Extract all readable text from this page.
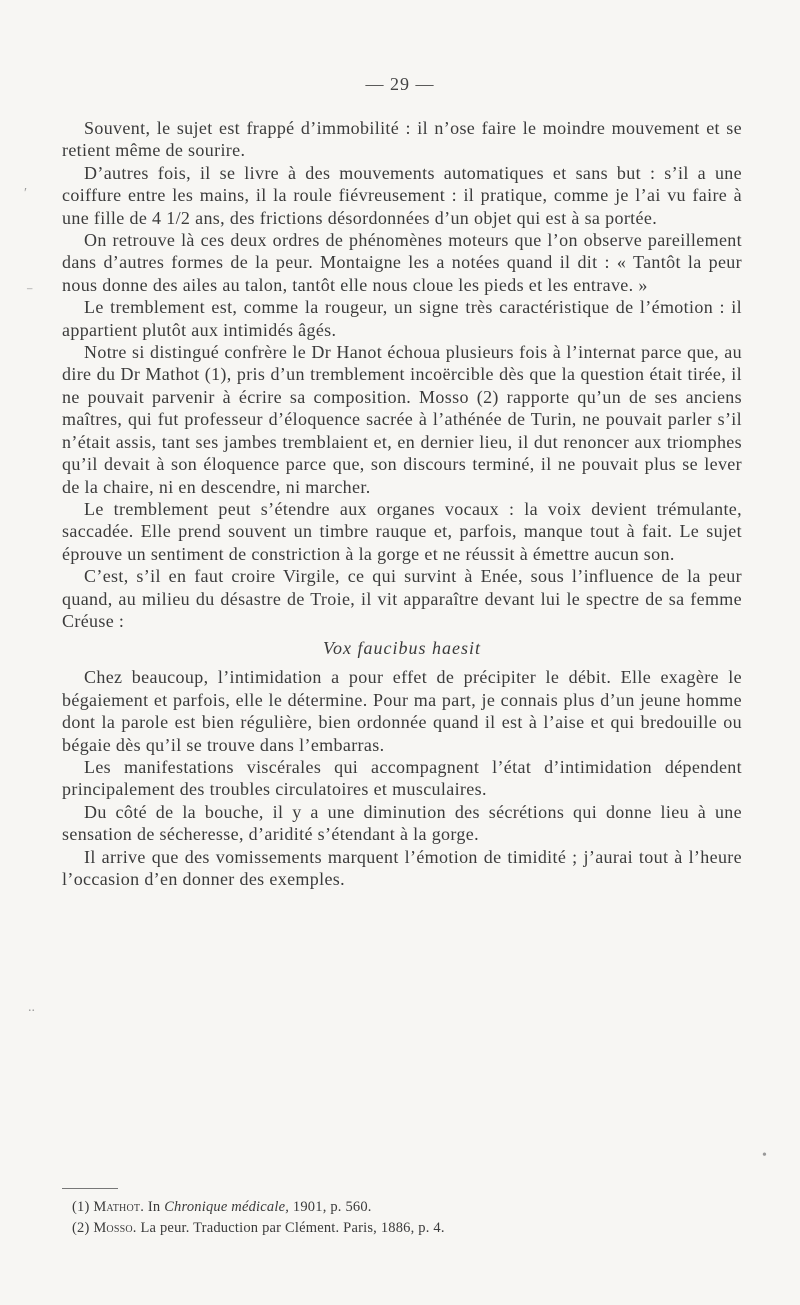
— 29 —

Souvent, le sujet est frappé d’immobilité : il n’ose faire le moindre mouvement et se retient même de sourire.

D’autres fois, il se livre à des mouvements automatiques et sans but : s’il a une coiffure entre les mains, il la roule fiévreusement : il pratique, comme je l’ai vu faire à une fille de 4 1/2 ans, des frictions désordonnées d’un objet qui est à sa portée.

On retrouve là ces deux ordres de phénomènes moteurs que l’on observe pareillement dans d’autres formes de la peur. Montaigne les a notées quand il dit : « Tantôt la peur nous donne des ailes au talon, tantôt elle nous cloue les pieds et les entrave. »

Le tremblement est, comme la rougeur, un signe très caractéristique de l’émotion : il appartient plutôt aux intimidés âgés.

Notre si distingué confrère le Dr Hanot échoua plusieurs fois à l’internat parce que, au dire du Dr Mathot (1), pris d’un tremblement incoërcible dès que la question était tirée, il ne pouvait parvenir à écrire sa composition. Mosso (2) rapporte qu’un de ses anciens maîtres, qui fut professeur d’éloquence sacrée à l’athénée de Turin, ne pouvait parler s’il n’était assis, tant ses jambes tremblaient et, en dernier lieu, il dut renoncer aux triomphes qu’il devait à son éloquence parce que, son discours terminé, il ne pouvait plus se lever de la chaire, ni en descendre, ni marcher.

Le tremblement peut s’étendre aux organes vocaux : la voix devient trémulante, saccadée. Elle prend souvent un timbre rauque et, parfois, manque tout à fait. Le sujet éprouve un sentiment de constriction à la gorge et ne réussit à émettre aucun son.

C’est, s’il en faut croire Virgile, ce qui survint à Enée, sous l’influence de la peur quand, au milieu du désastre de Troie, il vit apparaître devant lui le spectre de sa femme Créuse :

Vox faucibus haesit

Chez beaucoup, l’intimidation a pour effet de précipiter le débit. Elle exagère le bégaiement et parfois, elle le détermine. Pour ma part, je connais plus d’un jeune homme dont la parole est bien régulière, bien ordonnée quand il est à l’aise et qui bredouille ou bégaie dès qu’il se trouve dans l’embarras.

Les manifestations viscérales qui accompagnent l’état d’intimidation dépendent principalement des troubles circulatoires et musculaires.

Du côté de la bouche, il y a une diminution des sécrétions qui donne lieu à une sensation de sécheresse, d’aridité s’étendant à la gorge.

Il arrive que des vomissements marquent l’émotion de timidité ; j’aurai tout à l’heure l’occasion d’en donner des exemples.

(1) Mathot. In Chronique médicale, 1901, p. 560.

(2) Mosso. La peur. Traduction par Clément. Paris, 1886, p. 4.

′
⁻
..
•
